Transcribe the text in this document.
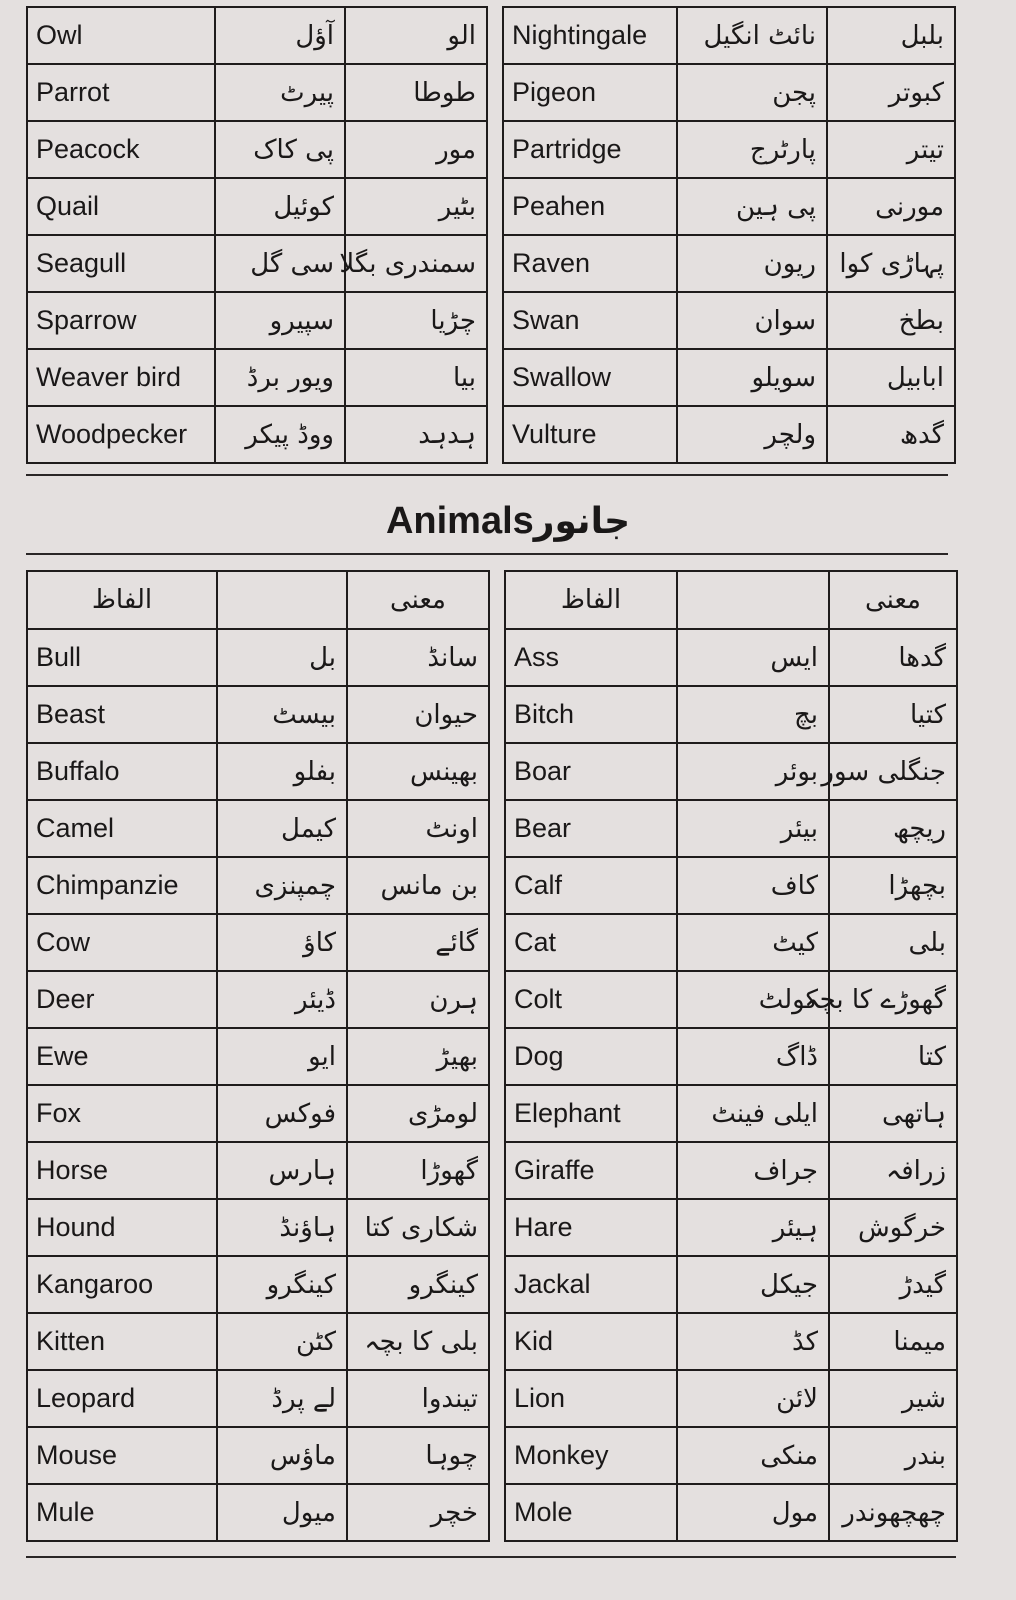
Owl	آؤل	الو
Parrot	پیرٹ	طوطا
Peacock	پی کاک	مور
Quail	کوئیل	بٹیر
Seagull	سی گل	سمندری بگلا
Sparrow	سپیرو	چڑیا
Weaver bird	ویور برڈ	بیا
Woodpecker	ووڈ پیکر	ہدہد
Nightingale	نائٹ انگیل	بلبل
Pigeon	پجن	کبوتر
Partridge	پارٹرج	تیتر
Peahen	پی ہین	مورنی
Raven	ریون	پہاڑی کوا
Swan	سوان	بطخ
Swallow	سویلو	ابابیل
Vulture	ولچر	گدھ
Animalsجانور
الفاظ		معنی
Bull	بل	سانڈ
Beast	بیسٹ	حیوان
Buffalo	بفلو	بھینس
Camel	کیمل	اونٹ
Chimpanzie	چمپنزی	بن مانس
Cow	کاؤ	گائے
Deer	ڈیئر	ہرن
Ewe	ایو	بھیڑ
Fox	فوکس	لومڑی
Horse	ہارس	گھوڑا
Hound	ہاؤنڈ	شکاری کتا
Kangaroo	کینگرو	کینگرو
Kitten	کٹن	بلی کا بچہ
Leopard	لے پرڈ	تیندوا
Mouse	ماؤس	چوہا
Mule	میول	خچر
الفاظ		معنی
Ass	ایس	گدھا
Bitch	بچ	کتیا
Boar	بوئر	جنگلی سور
Bear	بیئر	ریچھ
Calf	کاف	بچھڑا
Cat	کیٹ	بلی
Colt	کولٹ	گھوڑے کا بچہ
Dog	ڈاگ	کتا
Elephant	ایلی فینٹ	ہاتھی
Giraffe	جراف	زرافہ
Hare	ہیئر	خرگوش
Jackal	جیکل	گیدڑ
Kid	کڈ	میمنا
Lion	لائن	شیر
Monkey	منکی	بندر
Mole	مول	چھچھوندر
